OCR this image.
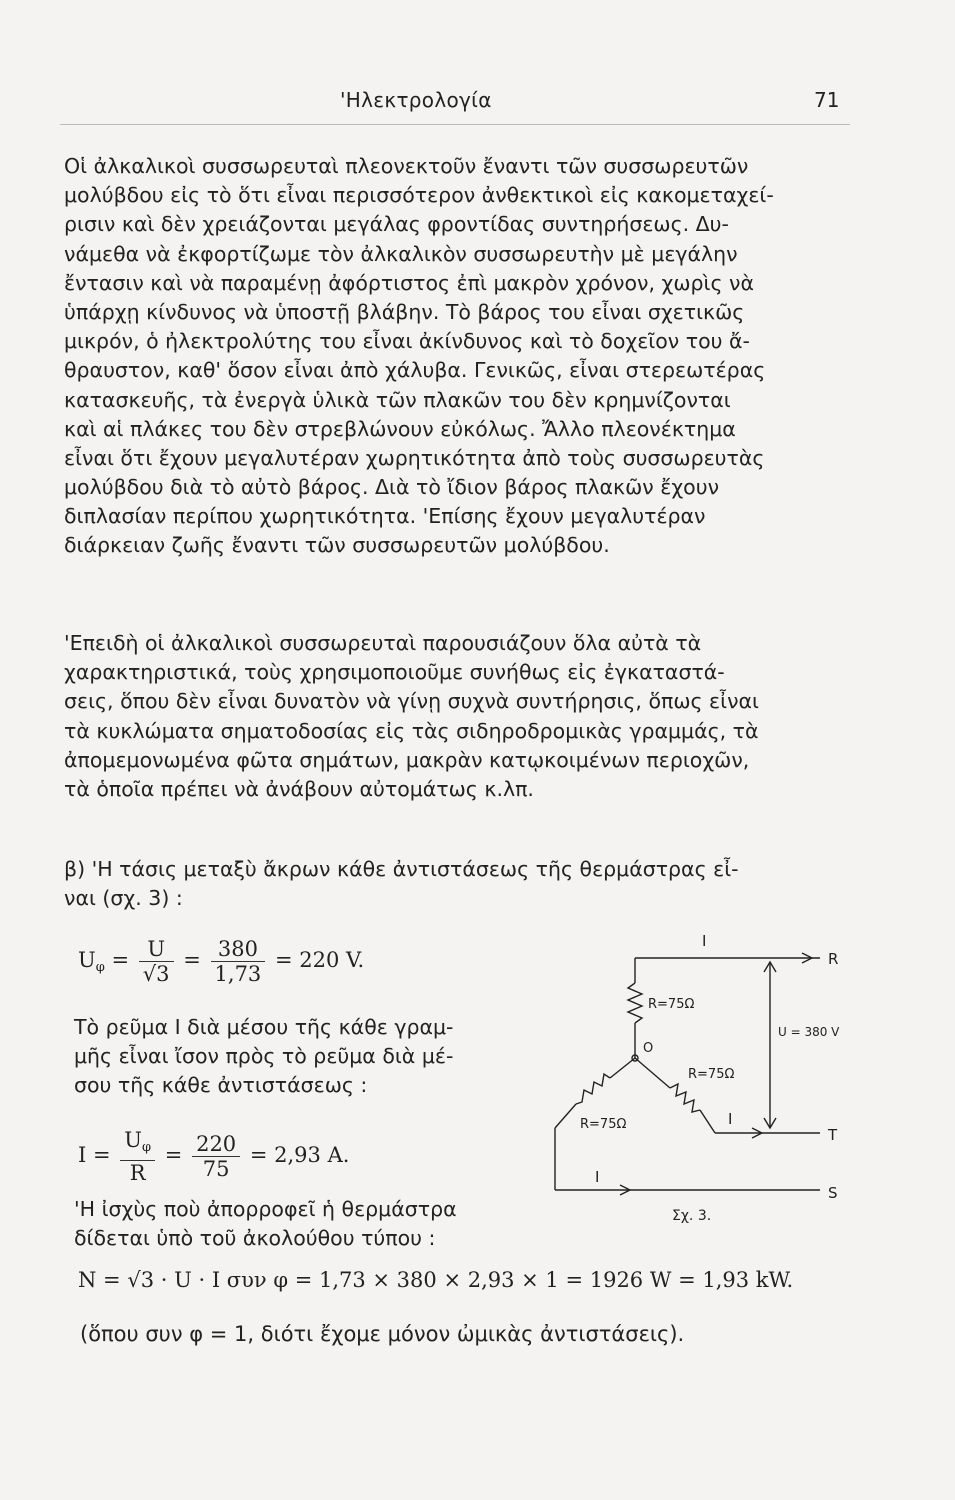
'Ηλεκτρολογία	71
Οἱ ἀλκαλικοὶ συσσωρευταὶ πλεονεκτοῦν ἔναντι τῶν συσσωρευτῶν
μολύβδου εἰς τὸ ὅτι εἶναι περισσότερον ἀνθεκτικοὶ εἰς κακομεταχεί-
ρισιν καὶ δὲν χρειάζονται μεγάλας φροντίδας συντηρήσεως. Δυ-
νάμεθα νὰ ἐκφορτίζωμε τὸν ἀλκαλικὸν συσσωρευτὴν μὲ μεγάλην
ἔντασιν καὶ νὰ παραμένῃ ἀφόρτιστος ἐπὶ μακρὸν χρόνον, χωρὶς νὰ
ὑπάρχῃ κίνδυνος νὰ ὑποστῇ βλάβην. Τὸ βάρος του εἶναι σχετικῶς
μικρόν, ὁ ἠλεκτρολύτης του εἶναι ἀκίνδυνος καὶ τὸ δοχεῖον του ἄ-
θραυστον, καθ' ὅσον εἶναι ἀπὸ χάλυβα. Γενικῶς, εἶναι στερεωτέρας
κατασκευῆς, τὰ ἐνεργὰ ὑλικὰ τῶν πλακῶν του δὲν κρημνίζονται
καὶ αἱ πλάκες του δὲν στρεβλώνουν εὐκόλως. Ἄλλο πλεονέκτημα
εἶναι ὅτι ἔχουν μεγαλυτέραν χωρητικότητα ἀπὸ τοὺς συσσωρευτὰς
μολύβδου διὰ τὸ αὐτὸ βάρος. Διὰ τὸ ἴδιον βάρος πλακῶν ἔχουν
διπλασίαν περίπου χωρητικότητα. 'Επίσης ἔχουν μεγαλυτέραν
διάρκειαν ζωῆς ἔναντι τῶν συσσωρευτῶν μολύβδου.
'Επειδὴ οἱ ἀλκαλικοὶ συσσωρευταὶ παρουσιάζουν ὅλα αὐτὰ τὰ
χαρακτηριστικά, τοὺς χρησιμοποιοῦμε συνήθως εἰς ἐγκαταστά-
σεις, ὅπου δὲν εἶναι δυνατὸν νὰ γίνῃ συχνὰ συντήρησις, ὅπως εἶναι
τὰ κυκλώματα σηματοδοσίας εἰς τὰς σιδηροδρομικὰς γραμμάς, τὰ
ἀπομεμονωμένα φῶτα σημάτων, μακρὰν κατῳκοιμένων περιοχῶν,
τὰ ὁποῖα πρέπει νὰ ἀνάβουν αὐτομάτως κ.λπ.
β) 'Η τάσις μεταξὺ ἄκρων κάθε ἀντιστάσεως τῆς θερμάστρας εἶ-
ναι (σχ. 3) :
$U_\varphi = \frac{U}{√3} = \frac{380}{1,73} = 220$ V.
Τὸ ρεῦμα I διὰ μέσου τῆς κάθε γραμ-
μῆς εἶναι ἴσον πρὸς τὸ ρεῦμα διὰ μέ-
σου τῆς κάθε ἀντιστάσεως :
$I = \frac{U_\varphi}{R} = \frac{220}{75} = 2,93$ A.
'Η ἰσχὺς ποὺ ἀπορροφεῖ ἡ θερμάστρα
δίδεται ὑπὸ τοῦ ἀκολούθου τύπου :
N = √3 · U · I συν φ = 1,73 × 380 × 2,93 × 1 = 1926 W = 1,93 kW.
(ὅπου συν φ = 1, διότι ἔχομε μόνον ὠμικὰς ἀντιστάσεις).
R
T
S
I
I
I
R=75Ω
R=75Ω
R=75Ω
O
U = 380 V
Σχ. 3.
